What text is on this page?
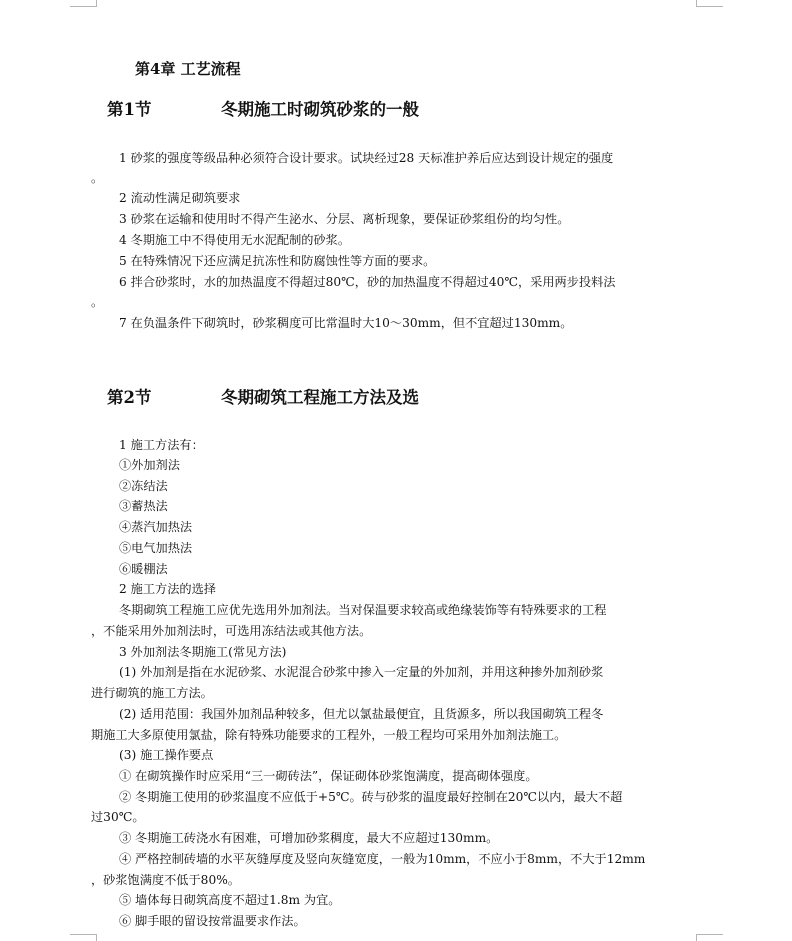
第4章 工艺流程
第1节	冬期施工时砌筑砂浆的一般
1 砂浆的强度等级品种必须符合设计要求。试块经过28 天标准护养后应达到设计规定的强度
。
2 流动性满足砌筑要求
3 砂浆在运输和使用时不得产生泌水、分层、离析现象，要保证砂浆组份的均匀性。
4 冬期施工中不得使用无水泥配制的砂浆。
5 在特殊情况下还应满足抗冻性和防腐蚀性等方面的要求。
6 拌合砂浆时，水的加热温度不得超过80℃，砂的加热温度不得超过40℃，采用两步投料法
。
7 在负温条件下砌筑时，砂浆稠度可比常温时大10～30mm，但不宜超过130mm。
第2节	冬期砌筑工程施工方法及选
1 施工方法有：
①外加剂法
②冻结法
③蓄热法
④蒸汽加热法
⑤电气加热法
⑥暖棚法
2 施工方法的选择
冬期砌筑工程施工应优先选用外加剂法。当对保温要求较高或绝缘装饰等有特殊要求的工程
，不能采用外加剂法时，可选用冻结法或其他方法。
3 外加剂法冬期施工(常见方法)
(1) 外加剂是指在水泥砂浆、水泥混合砂浆中掺入一定量的外加剂，并用这种掺外加剂砂浆
进行砌筑的施工方法。
(2) 适用范围：我国外加剂品种较多，但尤以氯盐最便宜，且货源多，所以我国砌筑工程冬
期施工大多原使用氯盐，除有特殊功能要求的工程外，一般工程均可采用外加剂法施工。
(3) 施工操作要点
① 在砌筑操作时应采用“三一砌砖法”，保证砌体砂浆饱满度，提高砌体强度。
② 冬期施工使用的砂浆温度不应低于+5℃。砖与砂浆的温度最好控制在20℃以内，最大不超
过30℃。
③ 冬期施工砖浇水有困难，可增加砂浆稠度，最大不应超过130mm。
④ 严格控制砖墙的水平灰缝厚度及竖向灰缝宽度，一般为10mm，不应小于8mm，不大于12mm
，砂浆饱满度不低于80%。
⑤ 墙体每日砌筑高度不超过1.8m 为宜。
⑥ 脚手眼的留设按常温要求作法。
